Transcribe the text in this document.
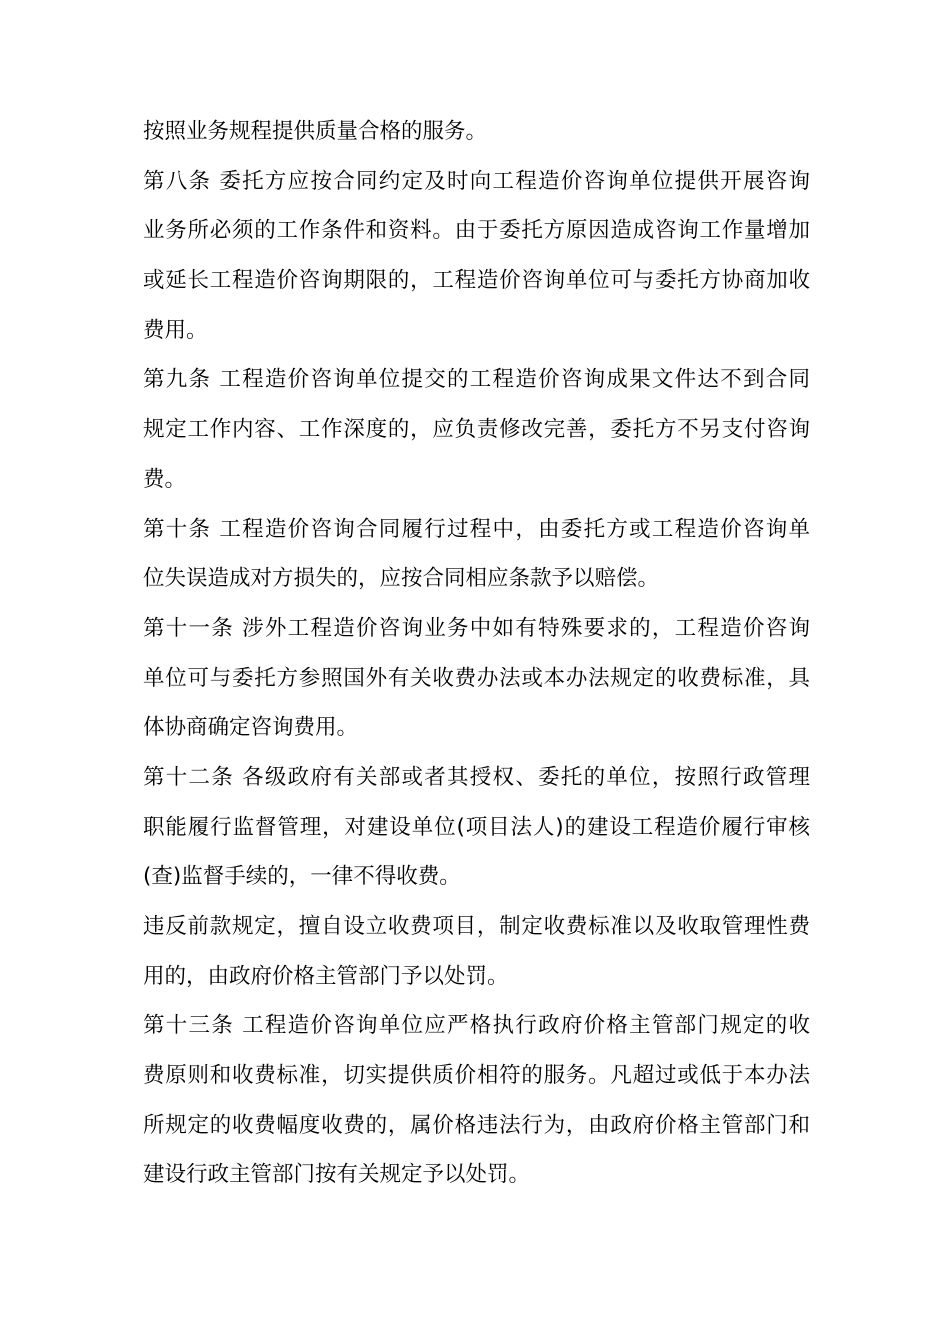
按照业务规程提供质量合格的服务。
第八条 委托方应按合同约定及时向工程造价咨询单位提供开展咨询
业务所必须的工作条件和资料。由于委托方原因造成咨询工作量增加
或延长工程造价咨询期限的，工程造价咨询单位可与委托方协商加收
费用。
第九条 工程造价咨询单位提交的工程造价咨询成果文件达不到合同
规定工作内容、工作深度的，应负责修改完善，委托方不另支付咨询
费。
第十条 工程造价咨询合同履行过程中，由委托方或工程造价咨询单
位失误造成对方损失的，应按合同相应条款予以赔偿。
第十一条 涉外工程造价咨询业务中如有特殊要求的，工程造价咨询
单位可与委托方参照国外有关收费办法或本办法规定的收费标准，具
体协商确定咨询费用。
第十二条 各级政府有关部或者其授权、委托的单位，按照行政管理
职能履行监督管理，对建设单位(项目法人)的建设工程造价履行审核
(查)监督手续的，一律不得收费。
违反前款规定，擅自设立收费项目，制定收费标准以及收取管理性费
用的，由政府价格主管部门予以处罚。
第十三条 工程造价咨询单位应严格执行政府价格主管部门规定的收
费原则和收费标准，切实提供质价相符的服务。凡超过或低于本办法
所规定的收费幅度收费的，属价格违法行为，由政府价格主管部门和
建设行政主管部门按有关规定予以处罚。
